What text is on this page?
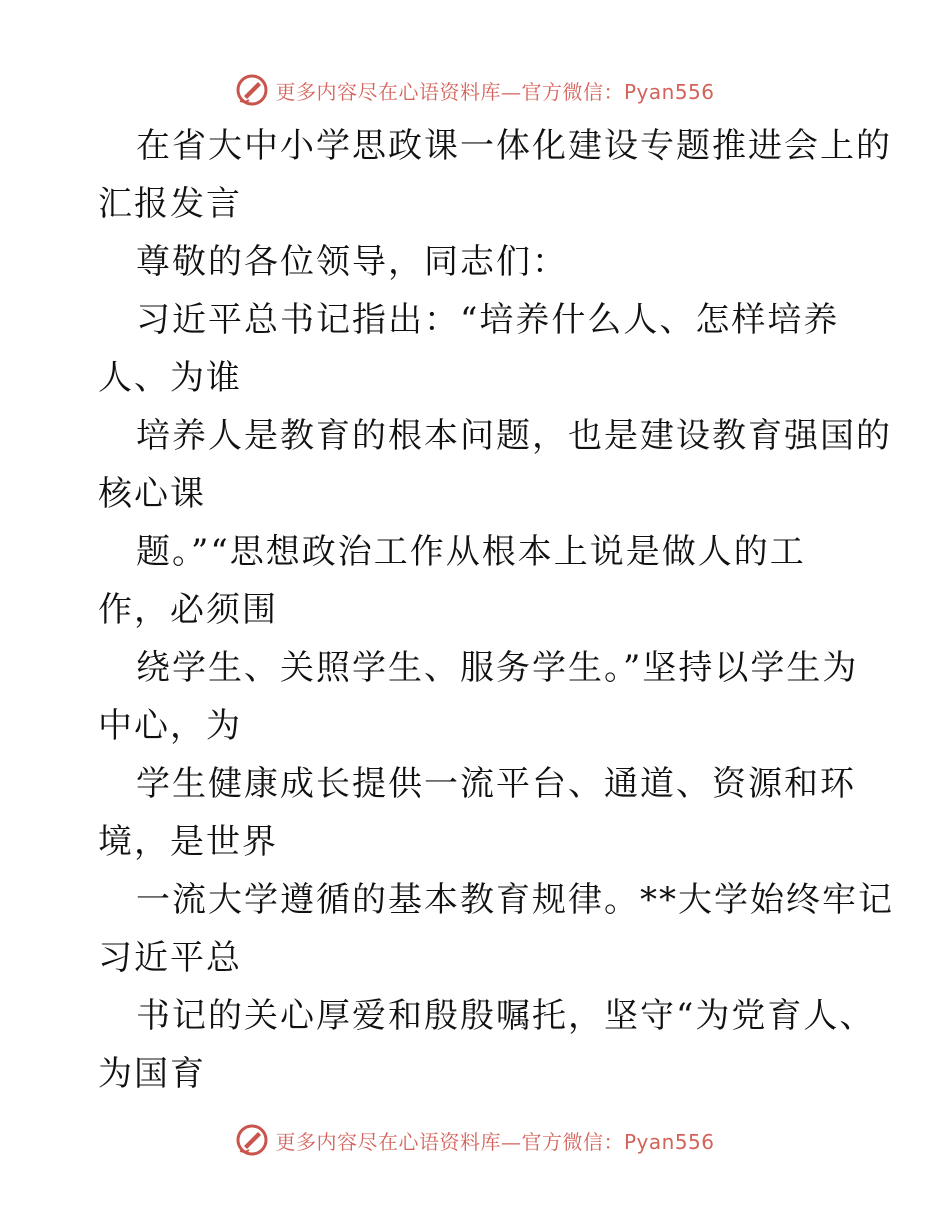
更多内容尽在心语资料库—官方微信：Pyan556
在省大中小学思政课一体化建设专题推进会上的
汇报发言
尊敬的各位领导，同志们：
习近平总书记指出：“培养什么人、怎样培养
人、为谁
培养人是教育的根本问题，也是建设教育强国的
核心课
题。”“思想政治工作从根本上说是做人的工
作，必须围
绕学生、关照学生、服务学生。”坚持以学生为
中心，为
学生健康成长提供一流平台、通道、资源和环
境，是世界
一流大学遵循的基本教育规律。**大学始终牢记
习近平总
书记的关心厚爱和殷殷嘱托，坚守“为党育人、
为国育
更多内容尽在心语资料库—官方微信：Pyan556
